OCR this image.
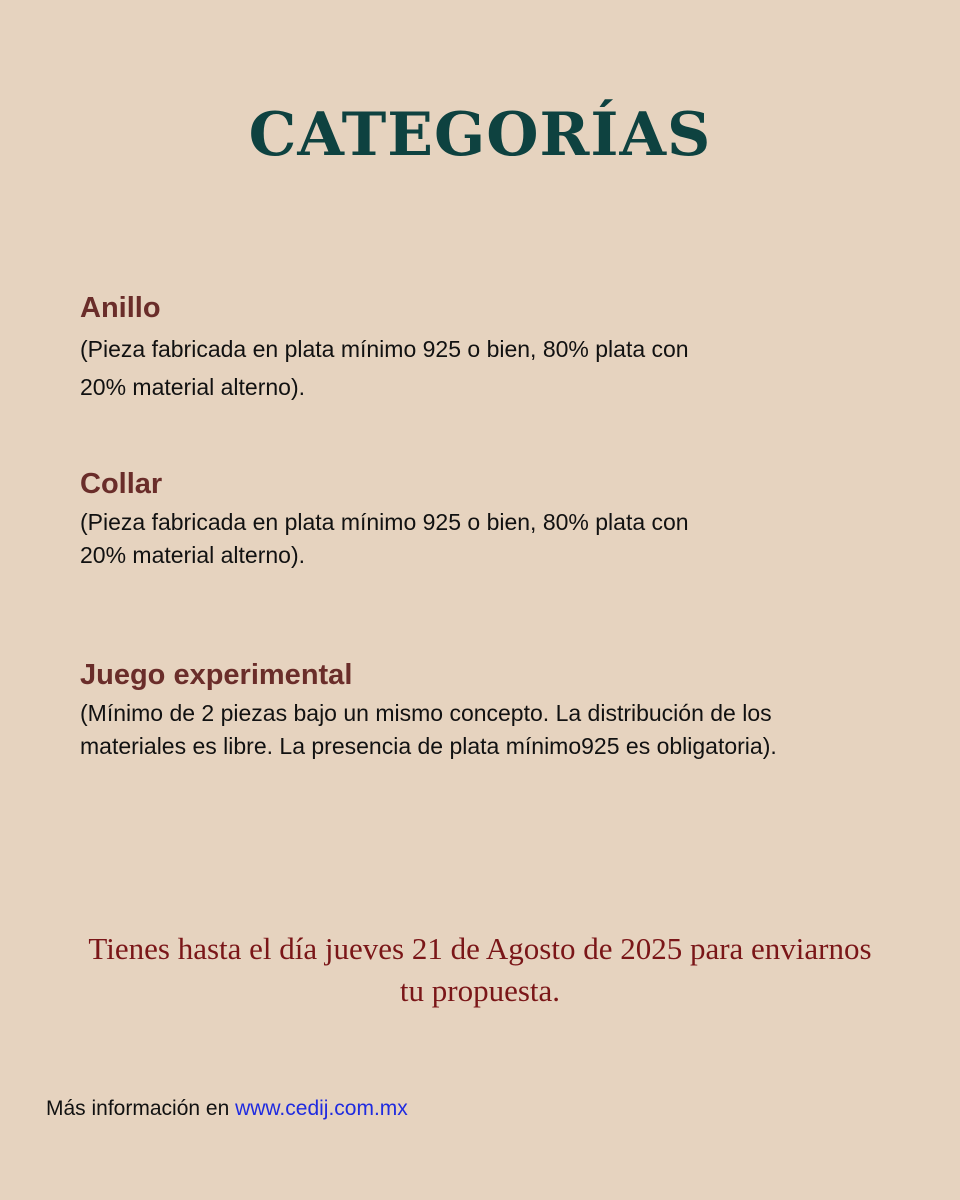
CATEGORÍAS
Anillo

(Pieza fabricada en plata mínimo 925 o bien, 80% plata con
20% material alterno).

Collar

(Pieza fabricada en plata mínimo 925 o bien, 80% plata con
20% material alterno).

Juego experimental

(Mínimo de 2 piezas bajo un mismo concepto. La distribución de los
materiales es libre. La presencia de plata mínimo925 es obligatoria).

Tienes hasta el día jueves 21 de Agosto de 2025 para enviarnos
tu propuesta.
Más información en www.cedij.com.mx
